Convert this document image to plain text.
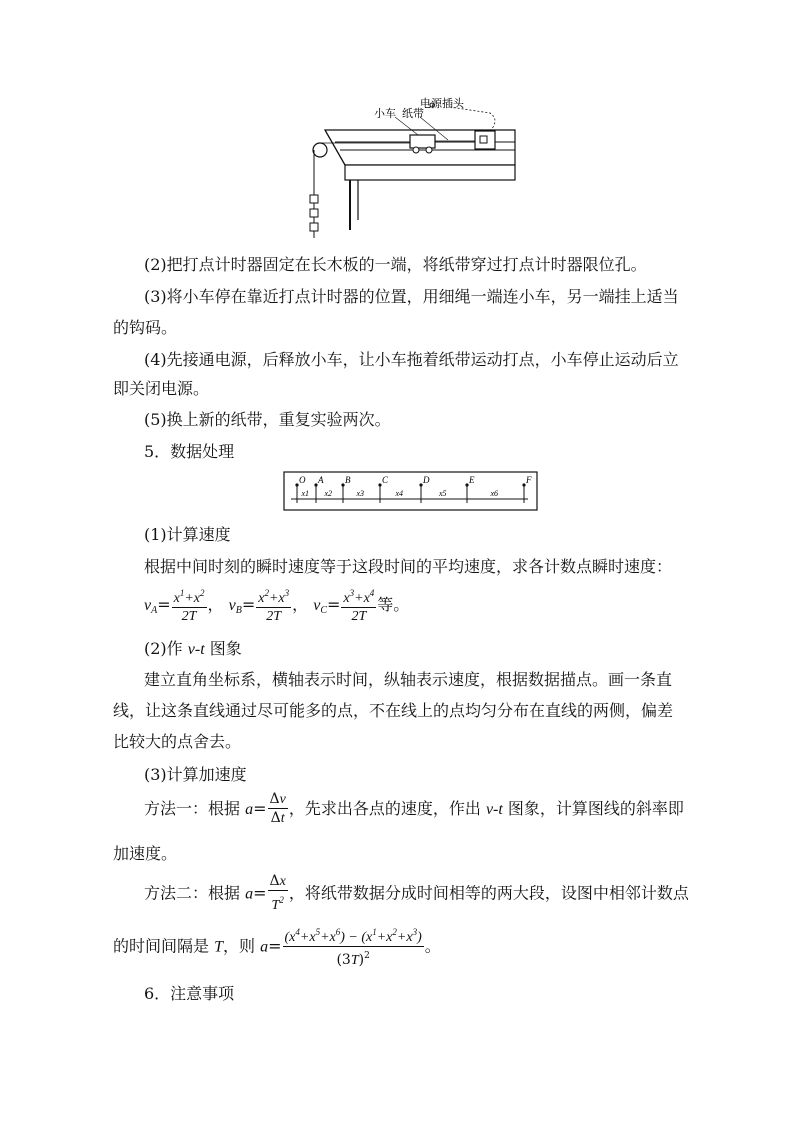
小车 纸带
电源插头
(2)把打点计时器固定在长木板的一端，将纸带穿过打点计时器限位孔。
(3)将小车停在靠近打点计时器的位置，用细绳一端连小车，另一端挂上适当
的钩码。
(4)先接通电源，后释放小车，让小车拖着纸带运动打点，小车停止运动后立
即关闭电源。
(5)换上新的纸带，重复实验两次。
5．数据处理
O A B	C	D	E	F
x1 x2	x3	x4	x5	x6
(1)计算速度
根据中间时刻的瞬时速度等于这段时间的平均速度，求各计数点瞬时速度：
$v_A= \frac{x^1+x^2}{2T}$ ， $v_B= \frac{x^2+x^3}{2T}$ ， $v_C= \frac{x^3+x^4}{2T}$ 等。
(2)作 v-t 图象
建立直角坐标系，横轴表示时间，纵轴表示速度，根据数据描点。画一条直
线，让这条直线通过尽可能多的点，不在线上的点均匀分布在直线的两侧，偏差
比较大的点舍去。
(3)计算加速度
方法一：根据 $a= \frac{\Delta v}{\Delta t}$ ，先求出各点的速度，作出 v-t 图象，计算图线的斜率即
加速度。
方法二：根据 $a= \frac{\Delta x}{T^2}$ ，将纸带数据分成时间相等的两大段，设图中相邻计数点
的时间间隔是 T，则 $a= \frac{(x^4+x^5+x^6) - (x^1+x^2+x^3)}{(3T)^2}$ 。
6．注意事项
